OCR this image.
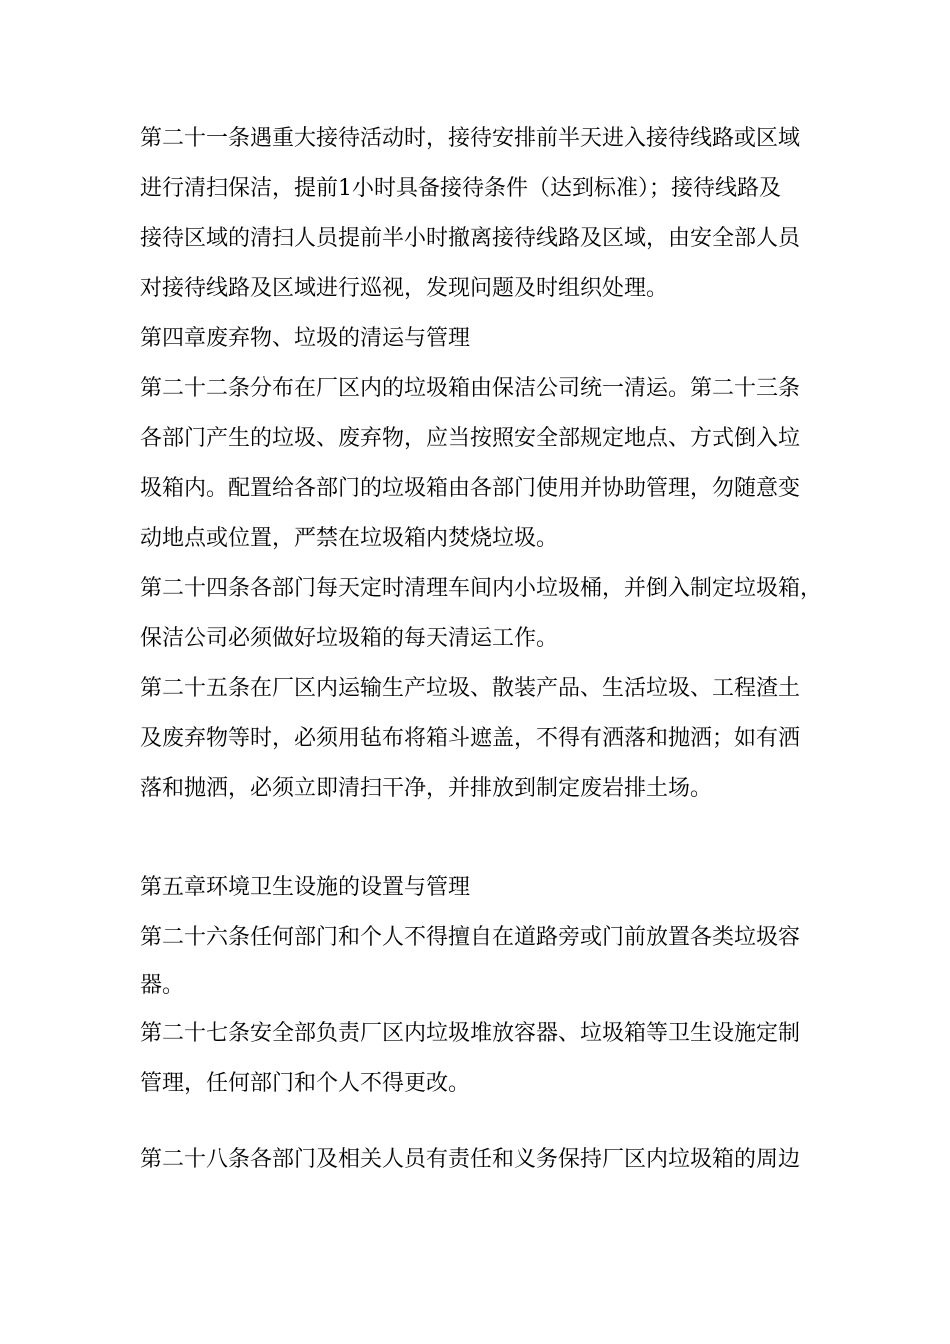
第二十一条遇重大接待活动时，接待安排前半天进入接待线路或区域
进行清扫保洁，提前1小时具备接待条件（达到标准）；接待线路及
接待区域的清扫人员提前半小时撤离接待线路及区域，由安全部人员
对接待线路及区域进行巡视，发现问题及时组织处理。
第四章废弃物、垃圾的清运与管理
第二十二条分布在厂区内的垃圾箱由保洁公司统一清运。第二十三条
各部门产生的垃圾、废弃物，应当按照安全部规定地点、方式倒入垃
圾箱内。配置给各部门的垃圾箱由各部门使用并协助管理，勿随意变
动地点或位置，严禁在垃圾箱内焚烧垃圾。
第二十四条各部门每天定时清理车间内小垃圾桶，并倒入制定垃圾箱，
保洁公司必须做好垃圾箱的每天清运工作。
第二十五条在厂区内运输生产垃圾、散装产品、生活垃圾、工程渣土
及废弃物等时，必须用毡布将箱斗遮盖，不得有洒落和抛洒；如有洒
落和抛洒，必须立即清扫干净，并排放到制定废岩排土场。
第五章环境卫生设施的设置与管理
第二十六条任何部门和个人不得擅自在道路旁或门前放置各类垃圾容
器。
第二十七条安全部负责厂区内垃圾堆放容器、垃圾箱等卫生设施定制
管理，任何部门和个人不得更改。
第二十八条各部门及相关人员有责任和义务保持厂区内垃圾箱的周边
